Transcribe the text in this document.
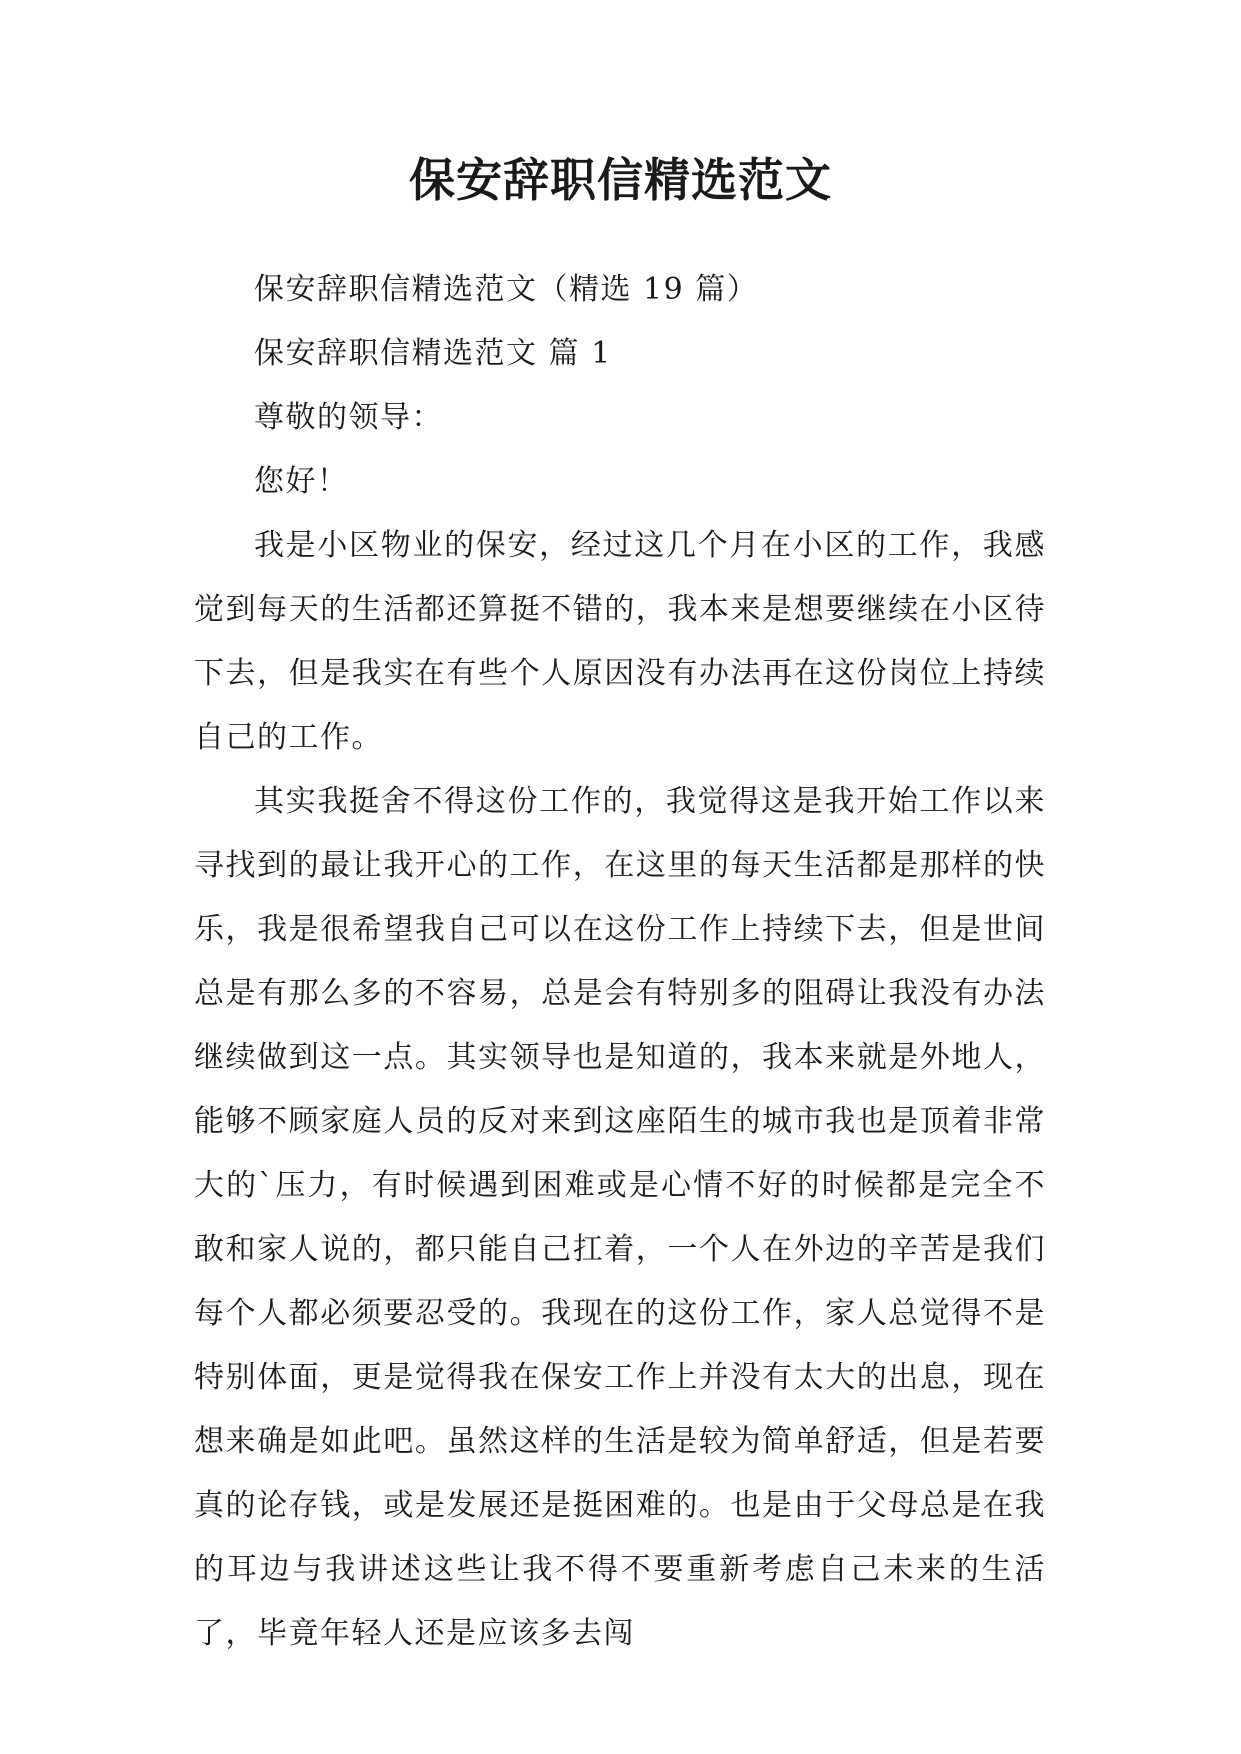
保安辞职信精选范文

保安辞职信精选范文（精选 19 篇）

保安辞职信精选范文 篇 1

尊敬的领导：

您好！

我是小区物业的保安，经过这几个月在小区的工作，我感觉到每天的生活都还算挺不错的，我本来是想要继续在小区待下去，但是我实在有些个人原因没有办法再在这份岗位上持续自己的工作。

其实我挺舍不得这份工作的，我觉得这是我开始工作以来寻找到的最让我开心的工作，在这里的每天生活都是那样的快乐，我是很希望我自己可以在这份工作上持续下去，但是世间总是有那么多的不容易，总是会有特别多的阻碍让我没有办法继续做到这一点。其实领导也是知道的，我本来就是外地人，能够不顾家庭人员的反对来到这座陌生的城市我也是顶着非常大的`压力，有时候遇到困难或是心情不好的时候都是完全不敢和家人说的，都只能自己扛着，一个人在外边的辛苦是我们每个人都必须要忍受的。我现在的这份工作，家人总觉得不是特别体面，更是觉得我在保安工作上并没有太大的出息，现在想来确是如此吧。虽然这样的生活是较为简单舒适，但是若要真的论存钱，或是发展还是挺困难的。也是由于父母总是在我的耳边与我讲述这些让我不得不要重新考虑自己未来的生活了，毕竟年轻人还是应该多去闯
